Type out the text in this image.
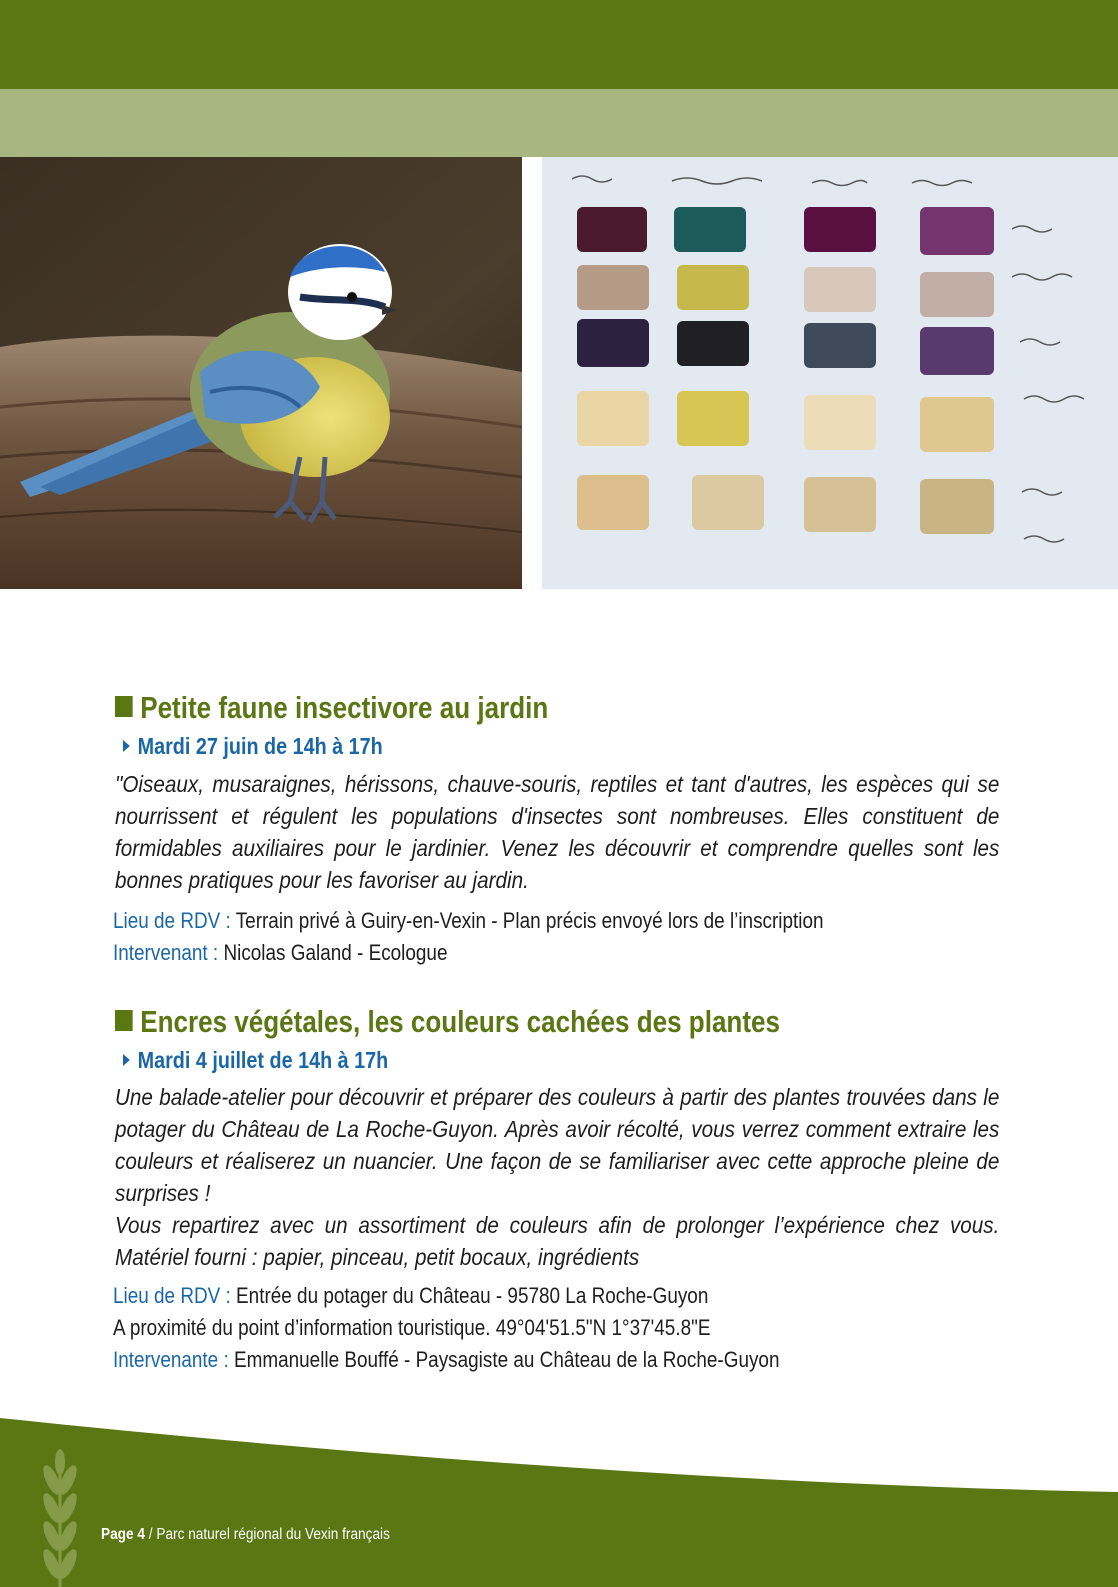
Petite faune insectivore au jardin
Mardi 27 juin de 14h à 17h

"Oiseaux, musaraignes, hérissons, chauve-souris, reptiles et tant d'autres, les espèces qui se nourrissent et régulent les populations d'insectes sont nombreuses. Elles constituent de formidables auxiliaires pour le jardinier. Venez les découvrir et comprendre quelles sont les bonnes pratiques pour les favoriser au jardin.

Lieu de RDV : Terrain privé à Guiry-en-Vexin - Plan précis envoyé lors de l’inscription
Intervenant : Nicolas Galand - Ecologue
Encres végétales, les couleurs cachées des plantes
Mardi 4 juillet de 14h à 17h

Une balade-atelier pour découvrir et préparer des couleurs à partir des plantes trouvées dans le potager du Château de La Roche-Guyon. Après avoir récolté, vous verrez comment extraire les couleurs et réaliserez un nuancier. Une façon de se familiariser avec cette approche pleine de surprises !

Vous repartirez avec un assortiment de couleurs afin de prolonger l’expérience chez vous. Matériel fourni : papier, pinceau, petit bocaux, ingrédients

Lieu de RDV : Entrée du potager du Château - 95780 La Roche-Guyon
A proximité du point d’information touristique. 49°04'51.5"N 1°37'45.8"E
Intervenante : Emmanuelle Bouffé - Paysagiste au Château de la Roche-Guyon
Page 4 / Parc naturel régional du Vexin français
